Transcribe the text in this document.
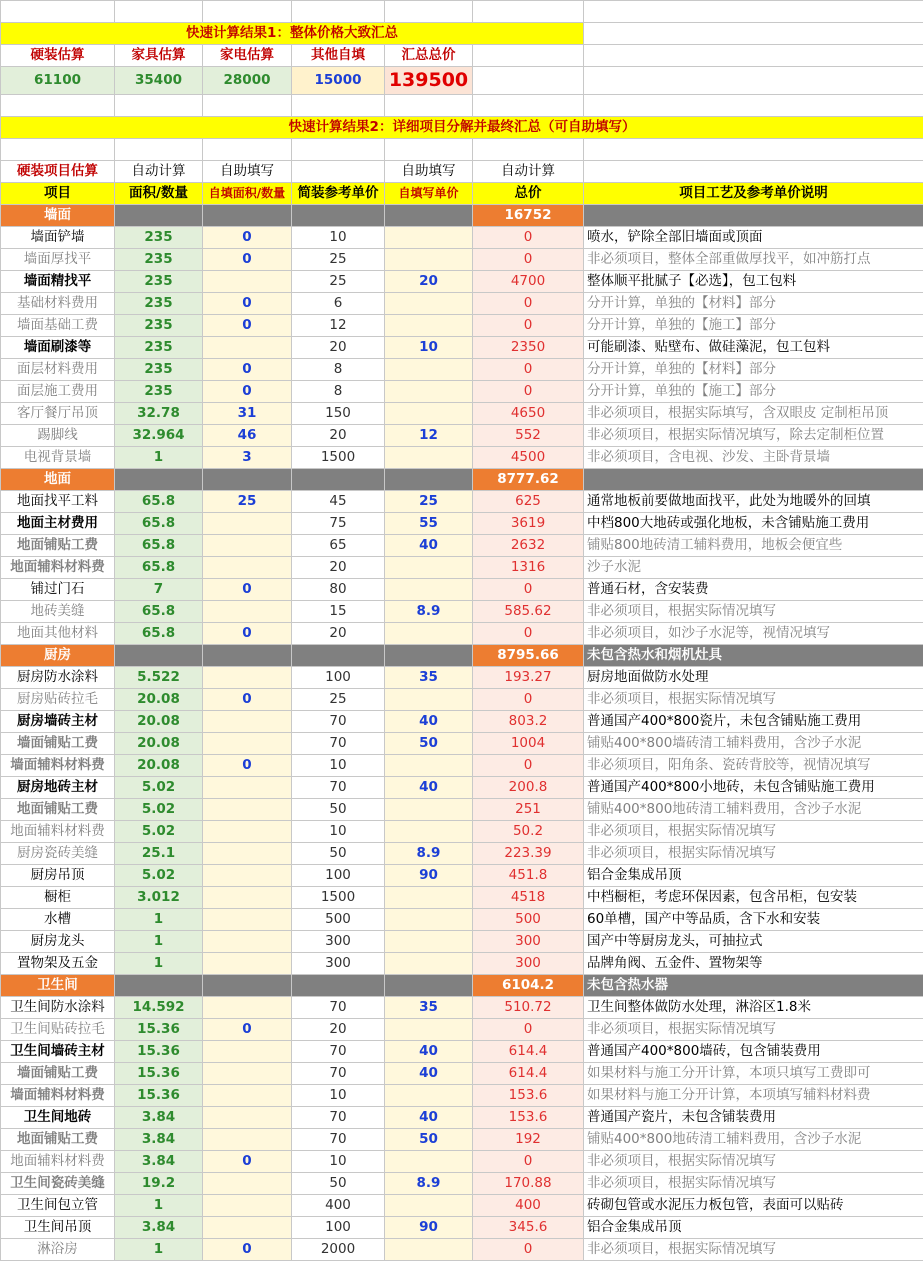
快速计算结果1：整体价格大致汇总						
硬装估算	家具估算	家电估算	其他自填	汇总总价		
61100	35400	28000	15000	139500		

快速计算结果2：详细项目分解并最终汇总（可自助填写）						

硬装项目估算	自动计算	自助填写		自助填写	自动计算	
项目	面积/数量	自填面积/数量	简装参考单价	自填写单价	总价	项目工艺及参考单价说明
墙面					16752	
墙面铲墙	235	0	10		0	喷水，铲除全部旧墙面或顶面
墙面厚找平	235	0	25		0	非必须项目，整体全部重做厚找平，如冲筋打点
墙面精找平	235		25	20	4700	整体顺平批腻子【必选】，包工包料
基础材料费用	235	0	6		0	分开计算，单独的【材料】部分
墙面基础工费	235	0	12		0	分开计算，单独的【施工】部分
墙面刷漆等	235		20	10	2350	可能刷漆、贴壁布、做硅藻泥，包工包料
面层材料费用	235	0	8		0	分开计算，单独的【材料】部分
面层施工费用	235	0	8		0	分开计算，单独的【施工】部分
客厅餐厅吊顶	32.78	31	150		4650	非必须项目，根据实际填写，含双眼皮 定制柜吊顶
踢脚线	32.964	46	20	12	552	非必须项目，根据实际情况填写，除去定制柜位置
电视背景墙	1	3	1500		4500	非必须项目，含电视、沙发、主卧背景墙
地面					8777.62	
地面找平工料	65.8	25	45	25	625	通常地板前要做地面找平，此处为地暖外的回填
地面主材费用	65.8		75	55	3619	中档800大地砖或强化地板，未含铺贴施工费用
地面铺贴工费	65.8		65	40	2632	铺贴800地砖清工辅料费用，地板会便宜些
地面辅料材料费	65.8		20		1316	沙子水泥
铺过门石	7	0	80		0	普通石材，含安装费
地砖美缝	65.8		15	8.9	585.62	非必须项目，根据实际情况填写
地面其他材料	65.8	0	20		0	非必须项目，如沙子水泥等，视情况填写
厨房					8795.66	未包含热水和烟机灶具
厨房防水涂料	5.522		100	35	193.27	厨房地面做防水处理
厨房贴砖拉毛	20.08	0	25		0	非必须项目，根据实际情况填写
厨房墙砖主材	20.08		70	40	803.2	普通国产400*800瓷片，未包含铺贴施工费用
墙面铺贴工费	20.08		70	50	1004	铺贴400*800墙砖清工辅料费用，含沙子水泥
墙面辅料材料费	20.08	0	10		0	非必须项目，阳角条、瓷砖背胶等，视情况填写
厨房地砖主材	5.02		70	40	200.8	普通国产400*800小地砖，未包含铺贴施工费用
地面铺贴工费	5.02		50		251	铺贴400*800地砖清工辅料费用，含沙子水泥
地面辅料材料费	5.02		10		50.2	非必须项目，根据实际情况填写
厨房瓷砖美缝	25.1		50	8.9	223.39	非必须项目，根据实际情况填写
厨房吊顶	5.02		100	90	451.8	铝合金集成吊顶
橱柜	3.012		1500		4518	中档橱柜，考虑环保因素，包含吊柜，包安装
水槽	1		500		500	60单槽，国产中等品质，含下水和安装
厨房龙头	1		300		300	国产中等厨房龙头，可抽拉式
置物架及五金	1		300		300	品牌角阀、五金件、置物架等
卫生间					6104.2	未包含热水器
卫生间防水涂料	14.592		70	35	510.72	卫生间整体做防水处理，淋浴区1.8米
卫生间贴砖拉毛	15.36	0	20		0	非必须项目，根据实际情况填写
卫生间墙砖主材	15.36		70	40	614.4	普通国产400*800墙砖，包含铺装费用
墙面铺贴工费	15.36		70	40	614.4	如果材料与施工分开计算，本项只填写工费即可
墙面辅料材料费	15.36		10		153.6	如果材料与施工分开计算，本项填写辅料材料费
卫生间地砖	3.84		70	40	153.6	普通国产瓷片，未包含铺装费用
地面铺贴工费	3.84		70	50	192	铺贴400*800地砖清工辅料费用，含沙子水泥
地面辅料材料费	3.84	0	10		0	非必须项目，根据实际情况填写
卫生间瓷砖美缝	19.2		50	8.9	170.88	非必须项目，根据实际情况填写
卫生间包立管	1		400		400	砖砌包管或水泥压力板包管，表面可以贴砖
卫生间吊顶	3.84		100	90	345.6	铝合金集成吊顶
淋浴房	1	0	2000		0	非必须项目，根据实际情况填写
